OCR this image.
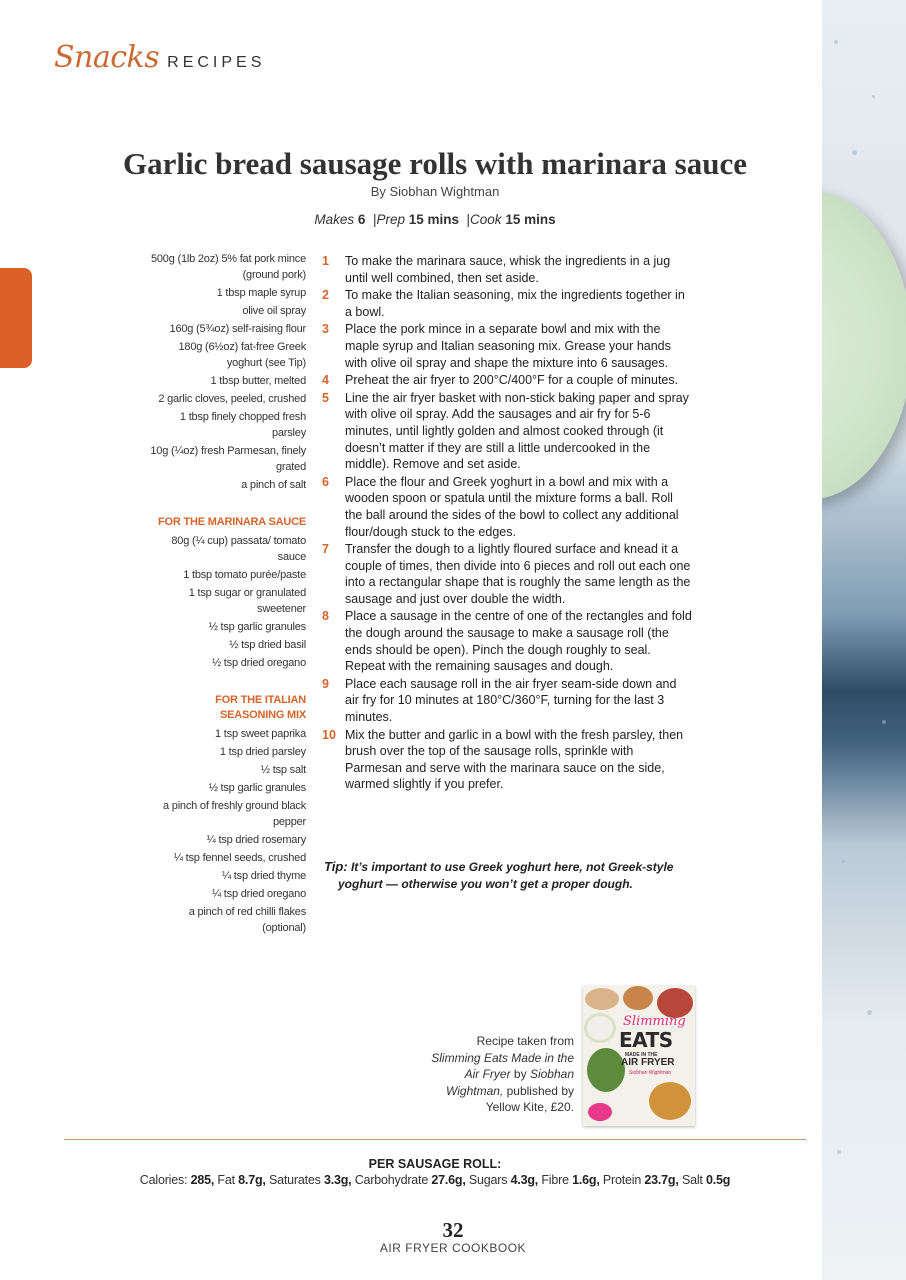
Snacks RECIPES
Garlic bread sausage rolls with marinara sauce
By Siobhan Wightman
Makes 6  |Prep 15 mins  |Cook 15 mins
500g (1lb 2oz) 5% fat pork mince (ground pork)
1 tbsp maple syrup
olive oil spray
160g (5¾oz) self-raising flour
180g (6½oz) fat-free Greek yoghurt (see Tip)
1 tbsp butter, melted
2 garlic cloves, peeled, crushed
1 tbsp finely chopped fresh parsley
10g (¼oz) fresh Parmesan, finely grated
a pinch of salt
FOR THE MARINARA SAUCE
80g (¼ cup) passata/ tomato sauce
1 tbsp tomato purée/paste
1 tsp sugar or granulated sweetener
½ tsp garlic granules
½ tsp dried basil
½ tsp dried oregano
FOR THE ITALIAN SEASONING MIX
1 tsp sweet paprika
1 tsp dried parsley
½ tsp salt
½ tsp garlic granules
a pinch of freshly ground black pepper
¼ tsp dried rosemary
¼ tsp fennel seeds, crushed
¼ tsp dried thyme
¼ tsp dried oregano
a pinch of red chilli flakes (optional)
1	To make the marinara sauce, whisk the ingredients in a jug until well combined, then set aside.
2	To make the Italian seasoning, mix the ingredients together in a bowl.
3	Place the pork mince in a separate bowl and mix with the maple syrup and Italian seasoning mix. Grease your hands with olive oil spray and shape the mixture into 6 sausages.
4	Preheat the air fryer to 200°C/400°F for a couple of minutes.
5	Line the air fryer basket with non-stick baking paper and spray with olive oil spray. Add the sausages and air fry for 5-6 minutes, until lightly golden and almost cooked through (it doesn’t matter if they are still a little undercooked in the middle). Remove and set aside.
6	Place the flour and Greek yoghurt in a bowl and mix with a wooden spoon or spatula until the mixture forms a ball. Roll the ball around the sides of the bowl to collect any additional flour/dough stuck to the edges.
7	Transfer the dough to a lightly floured surface and knead it a couple of times, then divide into 6 pieces and roll out each one into a rectangular shape that is roughly the same length as the sausage and just over double the width.
8	Place a sausage in the centre of one of the rectangles and fold the dough around the sausage to make a sausage roll (the ends should be open). Pinch the dough roughly to seal. Repeat with the remaining sausages and dough.
9	Place each sausage roll in the air fryer seam-side down and air fry for 10 minutes at 180°C/360°F, turning for the last 3 minutes.
10 Mix the butter and garlic in a bowl with the fresh parsley, then brush over the top of the sausage rolls, sprinkle with Parmesan and serve with the marinara sauce on the side, warmed slightly if you prefer.
Tip: It’s important to use Greek yoghurt here, not Greek-style
yoghurt — otherwise you won’t get a proper dough.
Recipe taken from
Slimming Eats Made in the Air Fryer by Siobhan Wightman, published by Yellow Kite, £20.
Slimming
EATS
MADE IN THE
AIR FRYER
Siobhan Wightman
PER SAUSAGE ROLL:
Calories: 285, Fat 8.7g, Saturates 3.3g, Carbohydrate 27.6g, Sugars 4.3g, Fibre 1.6g, Protein 23.7g, Salt 0.5g
32
AIR FRYER COOKBOOK
